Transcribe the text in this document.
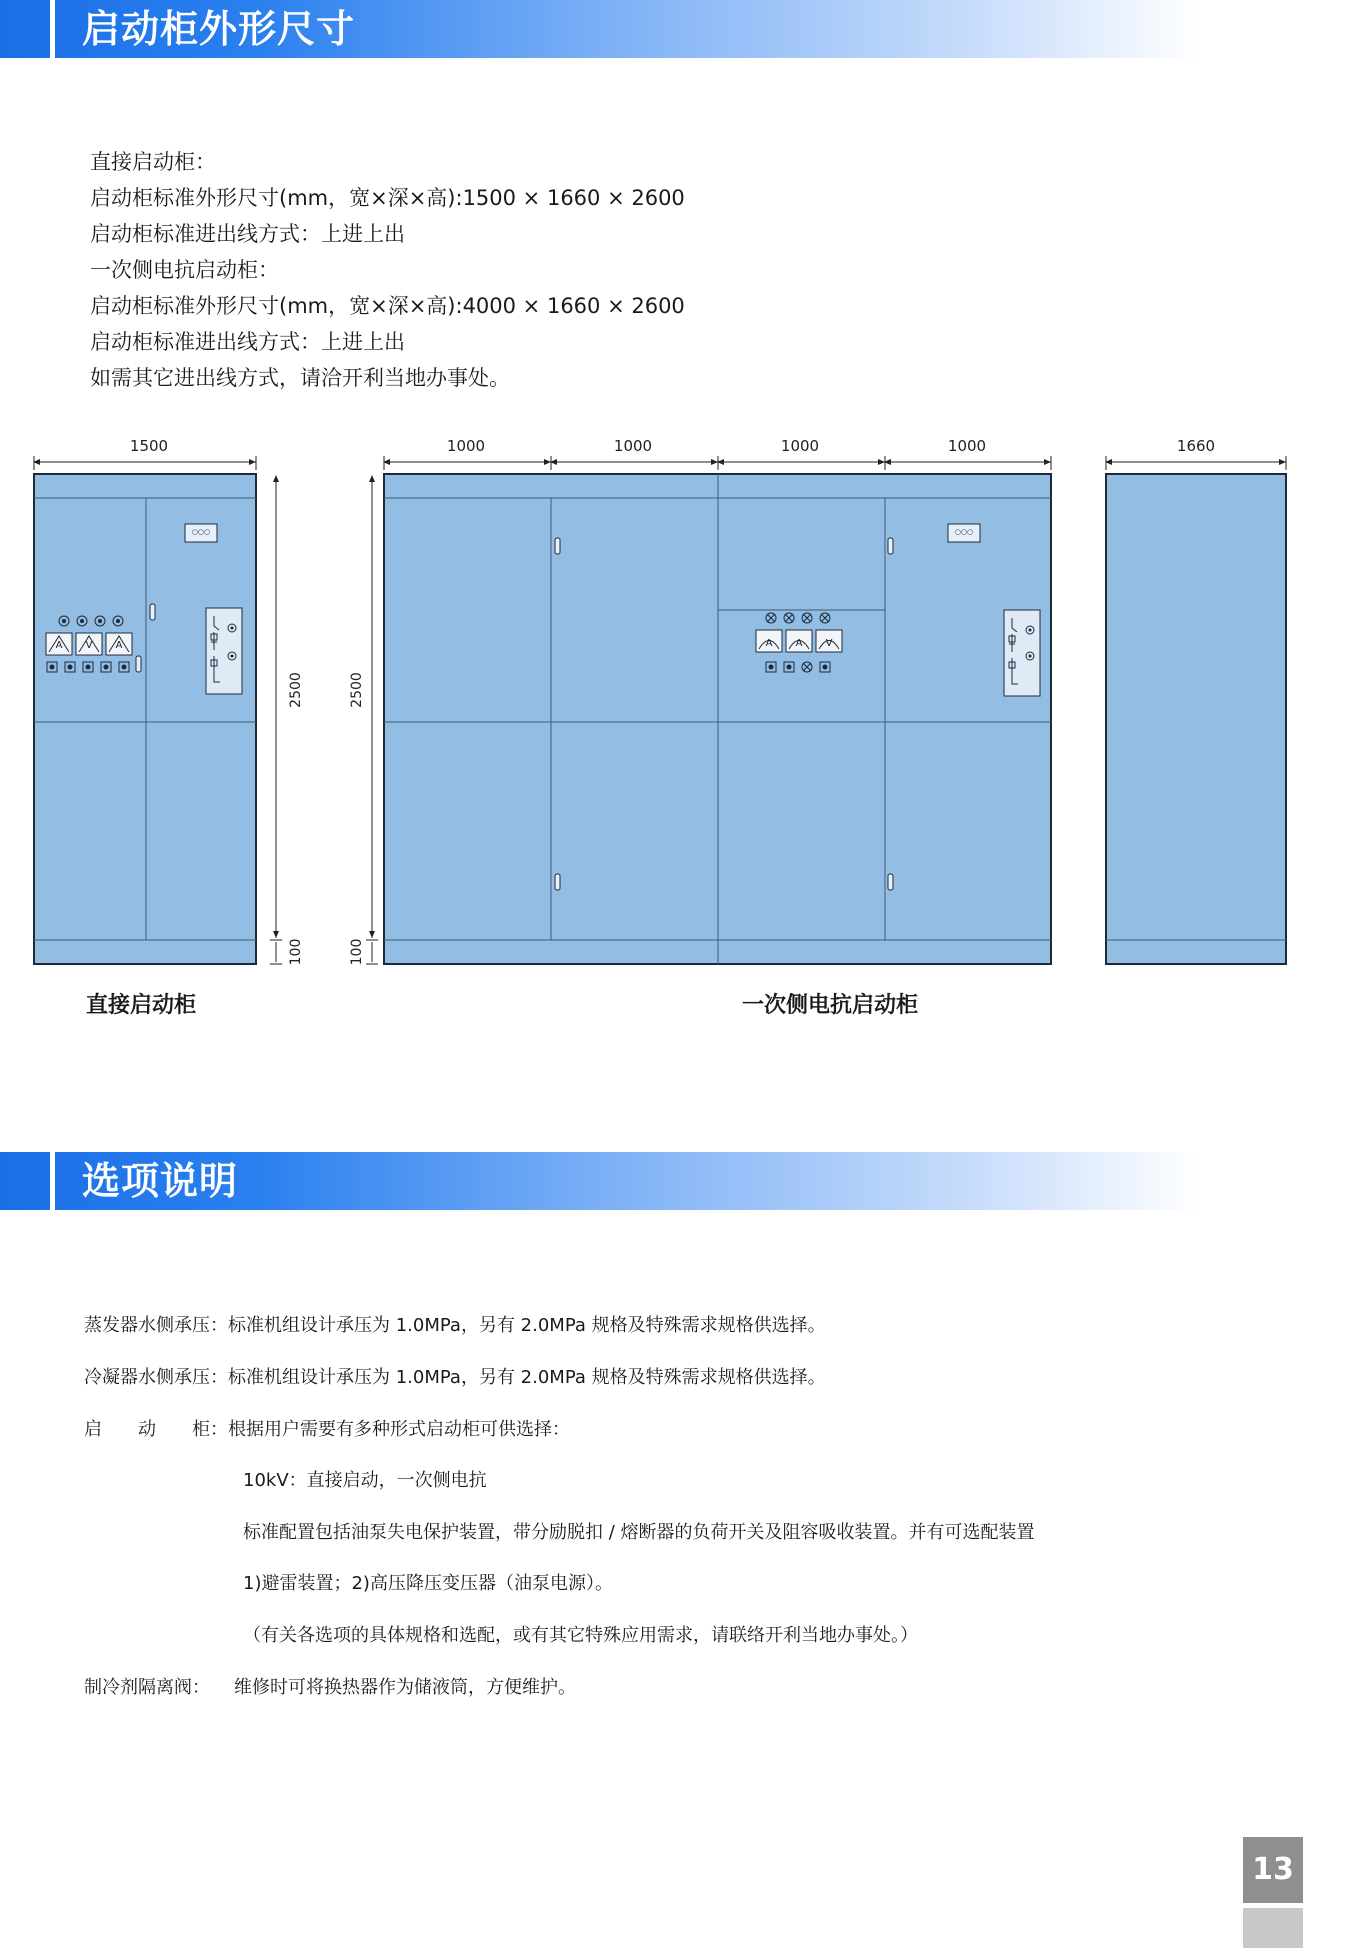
启动柜外形尺寸
直接启动柜：
启动柜标准外形尺寸(mm，宽×深×高):1500 × 1660 × 2600
启动柜标准进出线方式：上进上出
一次侧电抗启动柜：
启动柜标准外形尺寸(mm，宽×深×高):4000 × 1660 × 2600
启动柜标准进出线方式：上进上出
如需其它进出线方式，请洽开利当地办事处。
1500
○○○
A V A
2500
100
1000	1000	1000	1000
2500
100
○○○
A A V
1660
直接启动柜	一次侧电抗启动柜
选项说明
蒸发器水侧承压：标准机组设计承压为 1.0MPa，另有 2.0MPa 规格及特殊需求规格供选择。
冷凝器水侧承压：标准机组设计承压为 1.0MPa，另有 2.0MPa 规格及特殊需求规格供选择。
启　　动　　柜：根据用户需要有多种形式启动柜可供选择：
10kV：直接启动，一次侧电抗
标准配置包括油泵失电保护装置，带分励脱扣 / 熔断器的负荷开关及阻容吸收装置。并有可选配装置
1)避雷装置；2)高压降压变压器（油泵电源）。
（有关各选项的具体规格和选配，或有其它特殊应用需求，请联络开利当地办事处。）
制冷剂隔离阀： 维修时可将换热器作为储液筒，方便维护。
13
